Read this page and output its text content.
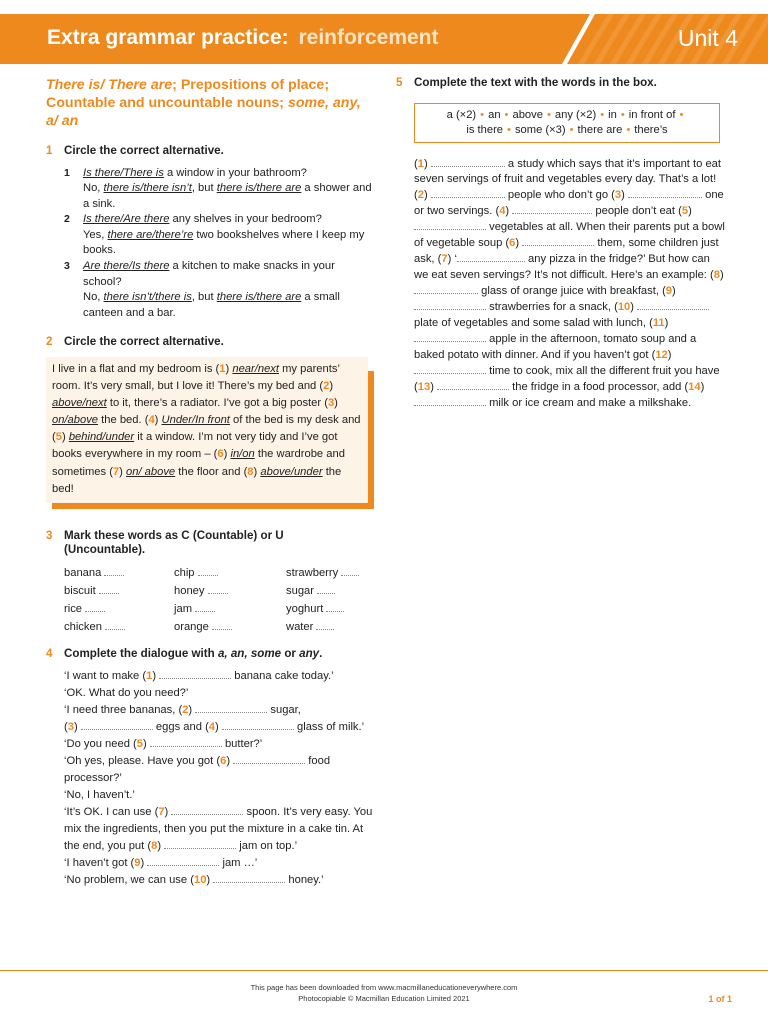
Extra grammar practice: reinforcement	Unit 4
There is/ There are; Prepositions of place; Countable and uncountable nouns; some, any, a/ an
1 Circle the correct alternative.
1	Is there/There is a window in your bathroom?

No, there is/there isn’t, but there is/there are a shower and a sink.

2	Is there/Are there any shelves in your bedroom?

Yes, there are/there’re two bookshelves where I keep my books.

3	Are there/Is there a kitchen to make snacks in your school?

No, there isn’t/there is, but there is/there are a small canteen and a bar.

2 Circle the correct alternative.
I live in a flat and my bedroom is (1) near/next my parents’ room. It’s very small, but I love it! There’s my bed and (2) above/next to it, there’s a radiator. I’ve got a big poster (3) on/above the bed. (4) Under/In front of the bed is my desk and (5) behind/under it a window. I’m not very tidy and I’ve got books everywhere in my room – (6) in/on the wardrobe and sometimes (7) on/ above the floor and (8) above/under the bed!
3 Mark these words as C (Countable) or U (Uncountable).
banana	chip	strawberry
biscuit	honey	sugar
rice	jam	yoghurt
chicken	orange	water
4 Complete the dialogue with a, an, some or any.

‘I want to make (1)	banana cake today.’

‘OK. What do you need?’

‘I need three bananas, (2)	sugar,

(3)	eggs and (4)	glass of milk.’

‘Do you need (5)	butter?’

‘Oh yes, please. Have you got (6)	food processor?’

‘No, I haven’t.’

‘It’s OK. I can use (7)	spoon. It’s very easy. You mix the ingredients, then you put the mixture in a cake tin. At the end, you put (8)	jam on top.’

‘I haven’t got (9)	jam …’

‘No problem, we can use (10)	honey.’

5 Complete the text with the words in the box.
a (×2) • an • above • any (×2) • in • in front of •
is there • some (×3) • there are • there’s
(1)	a study which says that it’s important to eat seven servings of fruit and vegetables every day. That’s a lot! (2)	people who don’t go (3)	one or two servings. (4)	people don’t eat (5)  vegetables at all. When their parents put a bowl of vegetable soup (6)	them, some children just ask, (7) ‘	any pizza in the fridge?’ But how can we eat seven servings? It’s not difficult. Here’s an example: (8)  glass of orange juice with breakfast, (9)  strawberries for a snack, (10)  plate of vegetables and some salad with lunch, (11)  apple in the afternoon, tomato soup and a baked potato with dinner. And if you haven’t got (12)  time to cook, mix all the different fruit you have (13)	the fridge in a food processor, add (14)  milk or ice cream and make a milkshake.
This page has been downloaded from www.macmillaneducationeverywhere.com
Photocopiable © Macmillan Education Limited 2021	1 of 1
